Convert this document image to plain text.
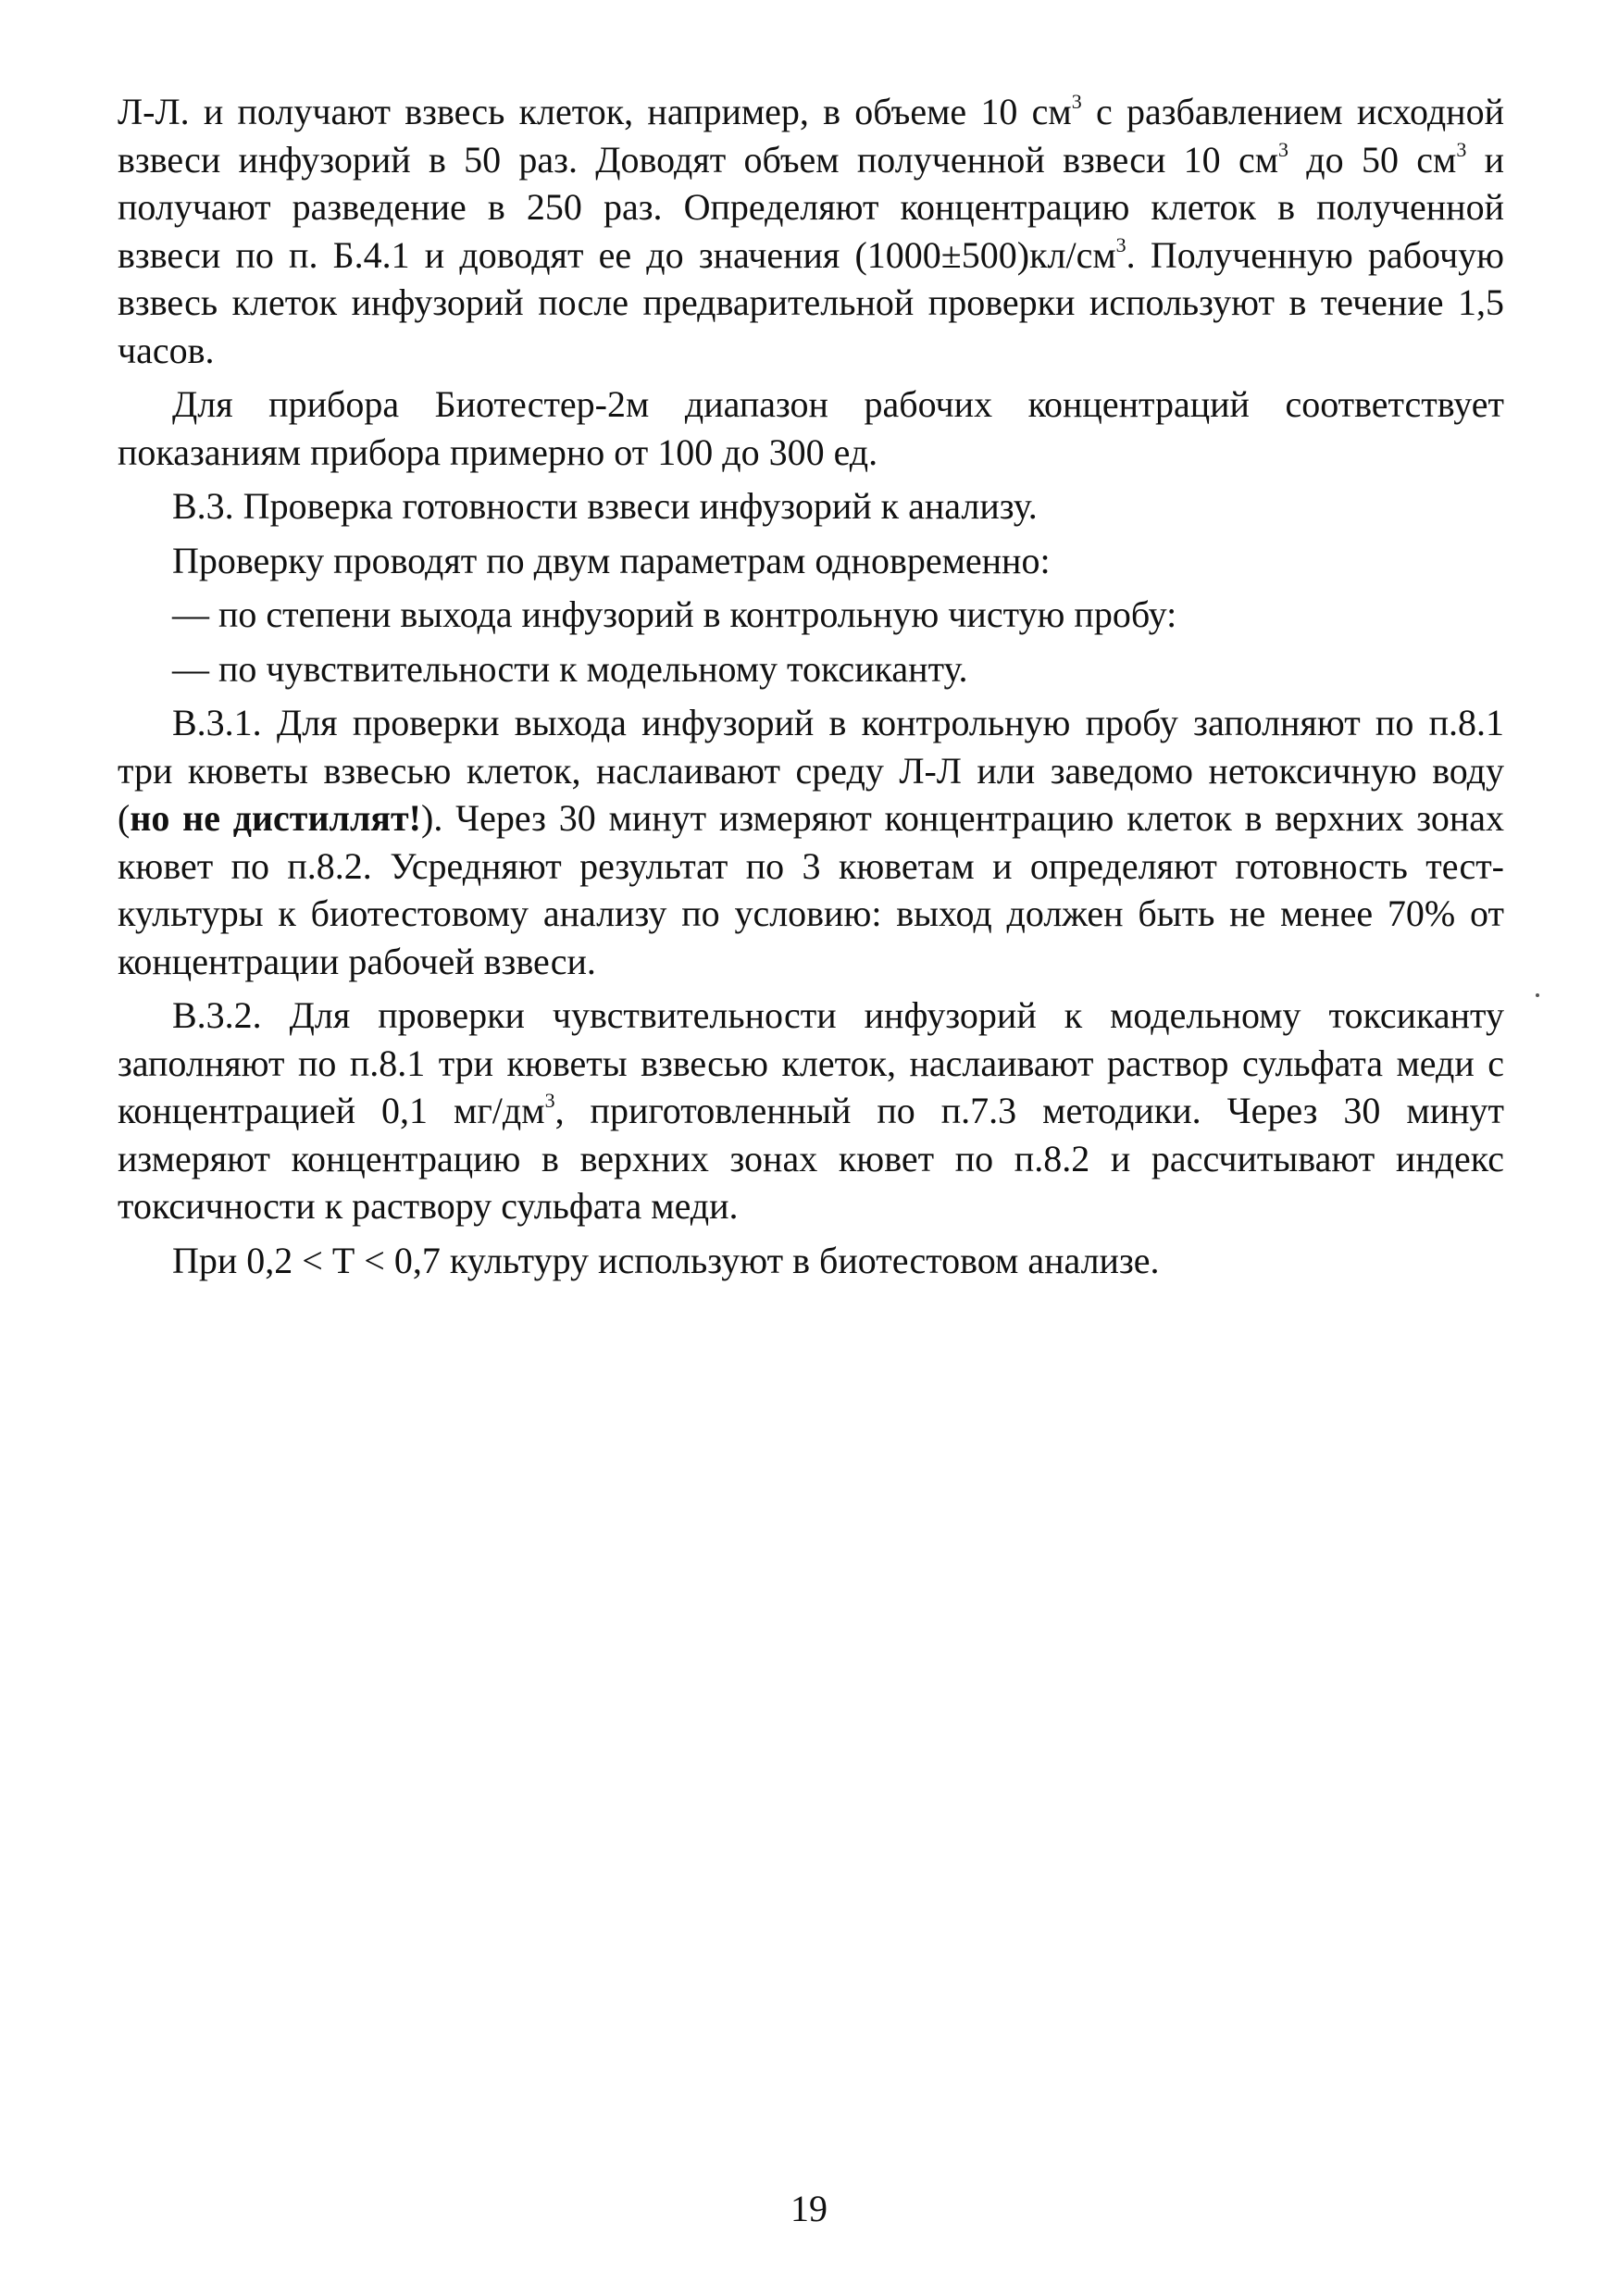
Л-Л. и получают взвесь клеток, например, в объеме 10 $см^3$ с разбавлением исходной взвеси инфузорий в 50 раз. Доводят объем полученной взвеси 10 $см^3$ до 50 $см^3$ и получают разведение в 250 раз. Определяют концентрацию клеток в полученной взвеси по п. Б.4.1 и доводят ее до значения $(1000\pm 500)кл/см^3$. Полученную рабочую взвесь клеток инфузорий после предварительной проверки используют в течение 1,5 часов.

Для прибора Биотестер-2м диапазон рабочих концентраций соответствует показаниям прибора примерно от 100 до 300 ед.

В.3. Проверка готовности взвеси инфузорий к анализу.

Проверку проводят по двум параметрам одновременно:

— по степени выхода инфузорий в контрольную чистую пробу:

— по чувствительности к модельному токсиканту.

В.3.1. Для проверки выхода инфузорий в контрольную пробу заполняют по п.8.1 три кюветы взвесью клеток, наслаивают среду Л-Л или заведомо нетоксичную воду (но не дистиллят!). Через 30 минут измеряют концентрацию клеток в верхних зонах кювет по п.8.2. Усредняют результат по 3 кюветам и определяют готовность тест-культуры к биотестовому анализу по условию: выход должен быть не менее 70% от концентрации рабочей взвеси.

В.3.2. Для проверки чувствительности инфузорий к модельному токсиканту заполняют по п.8.1 три кюветы взвесью клеток, наслаивают раствор сульфата меди с концентрацией 0,1 $мг/дм^3$, приготовленный по п.7.3 методики. Через 30 минут измеряют концентрацию в верхних зонах кювет по п.8.2 и рассчитывают индекс токсичности к раствору сульфата меди.

При 0,2 < Т < 0,7 культуру используют в биотестовом анализе.

19
